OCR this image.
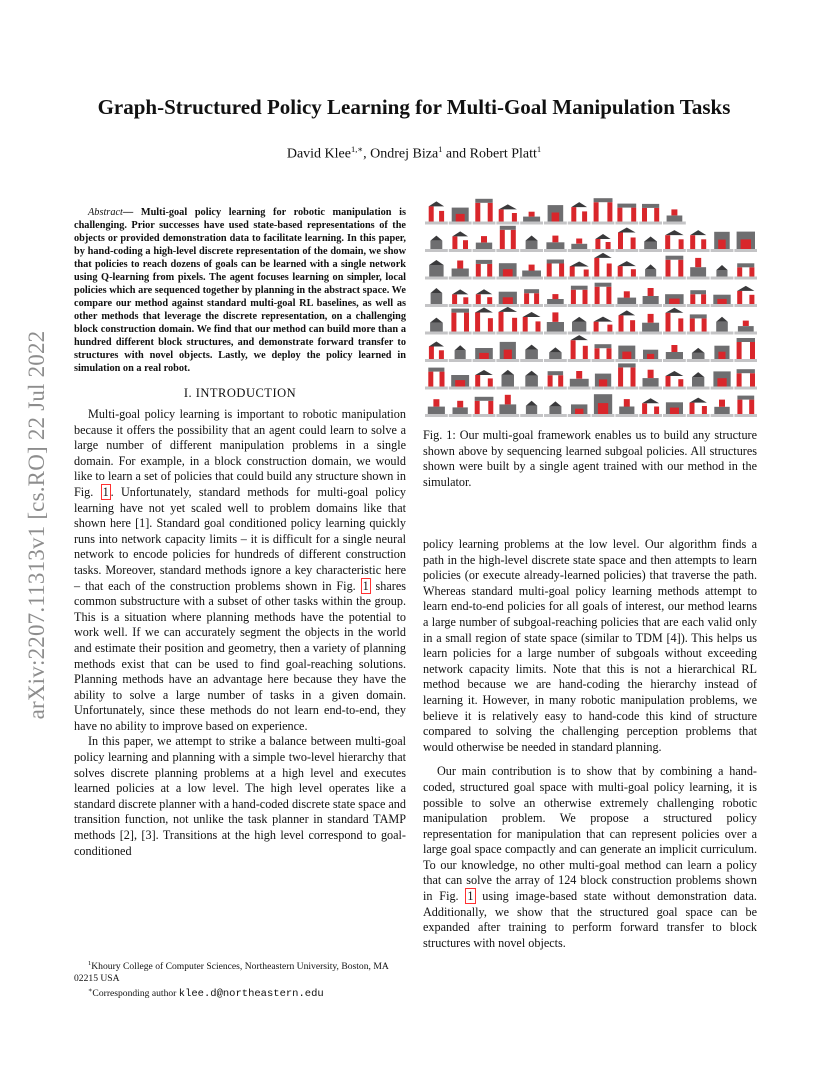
arXiv:2207.11313v1 [cs.RO] 22 Jul 2022
Graph-Structured Policy Learning for Multi-Goal Manipulation Tasks
David Klee$^{1,∗}$, Ondrej Biza$^1$ and Robert Platt$^1$

Abstract— Multi-goal policy learning for robotic manipulation is challenging. Prior successes have used state-based representations of the objects or provided demonstration data to facilitate learning. In this paper, by hand-coding a high-level discrete representation of the domain, we show that policies to reach dozens of goals can be learned with a single network using Q-learning from pixels. The agent focuses learning on simpler, local policies which are sequenced together by planning in the abstract space. We compare our method against standard multi-goal RL baselines, as well as other methods that leverage the discrete representation, on a challenging block construction domain. We find that our method can build more than a hundred different block structures, and demonstrate forward transfer to structures with novel objects. Lastly, we deploy the policy learned in simulation on a real robot.

I. INTRODUCTION

Multi-goal policy learning is important to robotic manipulation because it offers the possibility that an agent could learn to solve a large number of different manipulation problems in a single domain. For example, in a block construction domain, we would like to learn a set of policies that could build any structure shown in Fig. 1 . Unfortunately, standard methods for multi-goal policy learning have not yet scaled well to problem domains like that shown here [1]. Standard goal conditioned policy learning quickly runs into network capacity limits – it is difficult for a single neural network to encode policies for hundreds of different construction tasks. Moreover, standard methods ignore a key characteristic here – that each of the construction problems shown in Fig. 1 shares common substructure with a subset of other tasks within the group. This is a situation where planning methods have the potential to work well. If we can accurately segment the objects in the world and estimate their position and geometry, then a variety of planning methods exist that can be used to find goal-reaching solutions. Planning methods have an advantage here because they have the ability to solve a large number of tasks in a given domain. Unfortunately, since these methods do not learn end-to-end, they have no ability to improve based on experience.

In this paper, we attempt to strike a balance between multi-goal policy learning and planning with a simple two-level hierarchy that solves discrete planning problems at a high level and executes learned policies at a low level. The high level operates like a standard discrete planner with a hand-coded discrete state space and transition function, not unlike the task planner in standard TAMP methods [2], [3]. Transitions at the high level correspond to goal-conditioned

$^1$Khoury College of Computer Sciences, Northeastern University, Boston, MA 02215 USA

∗Corresponding author klee.d@northeastern.edu

Fig. 1: Our multi-goal framework enables us to build any structure shown above by sequencing learned subgoal policies. All structures shown were built by a single agent trained with our method in the simulator.

policy learning problems at the low level. Our algorithm finds a path in the high-level discrete state space and then attempts to learn policies (or execute already-learned policies) that traverse the path. Whereas standard multi-goal policy learning methods attempt to learn end-to-end policies for all goals of interest, our method learns a large number of subgoal-reaching policies that are each valid only in a small region of state space (similar to TDM [4]). This helps us learn policies for a large number of subgoals without exceeding network capacity limits. Note that this is not a hierarchical RL method because we are hand-coding the hierarchy instead of learning it. However, in many robotic manipulation problems, we believe it is relatively easy to hand-code this kind of structure compared to solving the challenging perception problems that would otherwise be needed in standard planning.

Our main contribution is to show that by combining a hand-coded, structured goal space with multi-goal policy learning, it is possible to solve an otherwise extremely challenging robotic manipulation problem. We propose a structured policy representation for manipulation that can represent policies over a large goal space compactly and can generate an implicit curriculum. To our knowledge, no other multi-goal method can learn a policy that can solve the array of 124 block construction problems shown in Fig. 1 using image-based state without demonstration data. Additionally, we show that the structured goal space can be expanded after training to perform forward transfer to block structures with novel objects.
